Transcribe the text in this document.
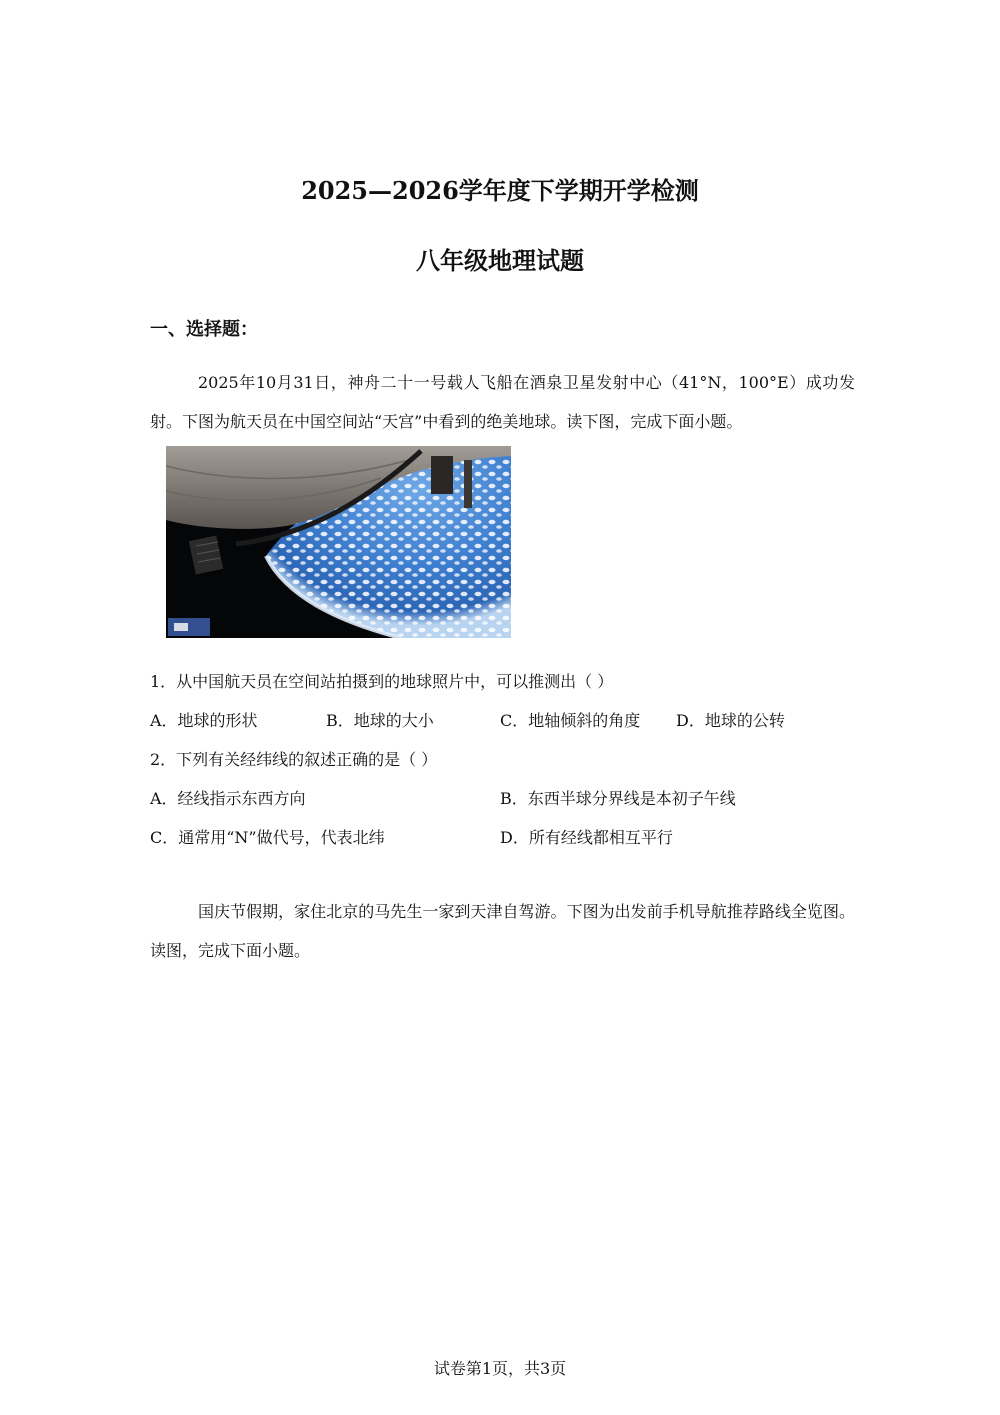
2025—2026学年度下学期开学检测
八年级地理试题
一、选择题：
2025年10月31日，神舟二十一号载人飞船在酒泉卫星发射中心（41°N，100°E）成功发射。下图为航天员在中国空间站“天宫”中看到的绝美地球。读下图，完成下面小题。
1．从中国航天员在空间站拍摄到的地球照片中，可以推测出（ ）
A．地球的形状	B．地球的大小	C．地轴倾斜的角度 D．地球的公转
2．下列有关经纬线的叙述正确的是（ ）
A．经线指示东西方向	B．东西半球分界线是本初子午线
C．通常用“N”做代号，代表北纬	D．所有经线都相互平行
国庆节假期，家住北京的马先生一家到天津自驾游。下图为出发前手机导航推荐路线全览图。读图，完成下面小题。
试卷第1页，共3页
